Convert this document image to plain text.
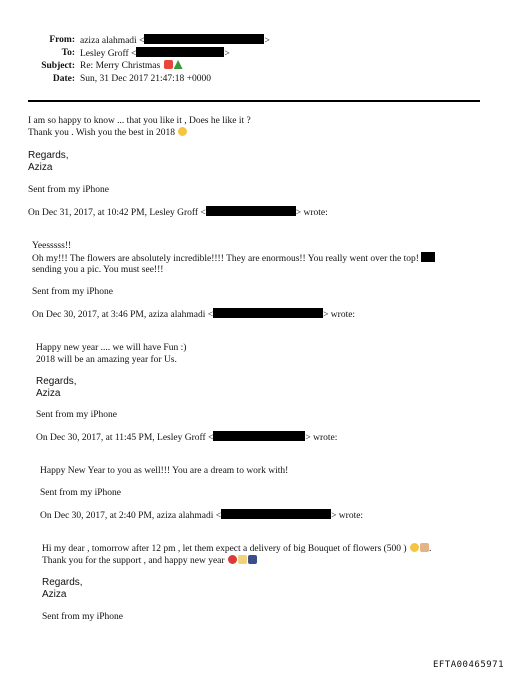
From: aziza alahmadi <	>
To: Lesley Groff <	>
Subject: Re: Merry Christmas
Date: Sun, 31 Dec 2017 21:47:18 +0000
I am so happy to know ... that you like it , Does he like it ?
Thank you . Wish you the best in 2018
Regards,
Aziza
Sent from my iPhone
On Dec 31, 2017, at 10:42 PM, Lesley Groff <	> wrote:
Yeesssss!!
Oh my!!! The flowers are absolutely incredible!!!! They are enormous!! You really went over the top!
sending you a pic. You must see!!!
Sent from my iPhone
On Dec 30, 2017, at 3:46 PM, aziza alahmadi <	> wrote:
Happy new year .... we will have Fun :)
2018 will be an amazing year for Us.
Regards,
Aziza
Sent from my iPhone
On Dec 30, 2017, at 11:45 PM, Lesley Groff <	> wrote:
Happy New Year to you as well!!! You are a dream to work with!
Sent from my iPhone
On Dec 30, 2017, at 2:40 PM, aziza alahmadi <	> wrote:
Hi my dear , tomorrow after 12 pm , let them expect a delivery of big Bouquet of flowers (500 ) .
Thank you for the support , and happy new year
Regards,
Aziza
Sent from my iPhone
EFTA00465971
